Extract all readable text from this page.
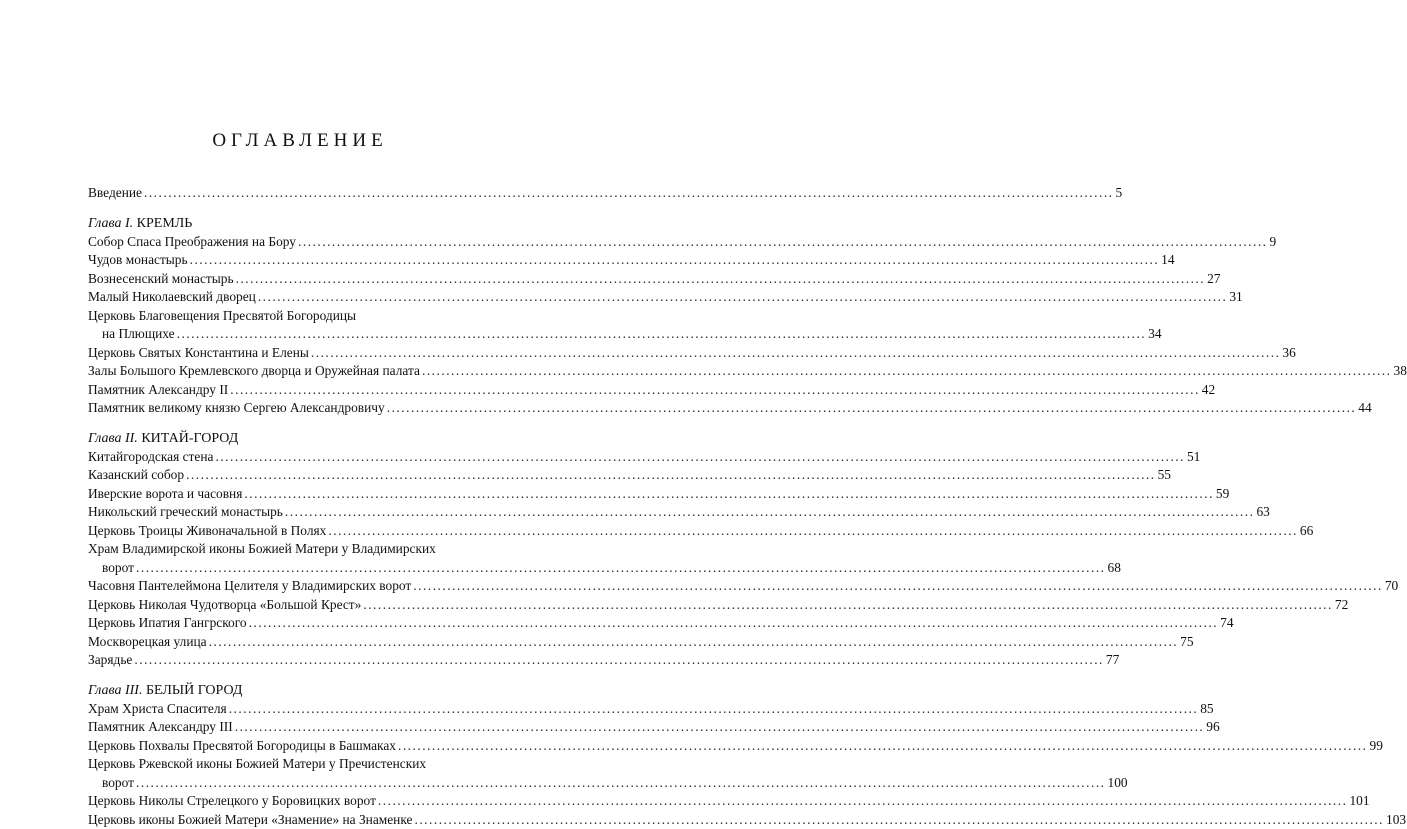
ОГЛАВЛЕНИЕ
Введение ........................................................................................................................................................................................................ 5
Глава I. КРЕМЛЬ
Собор Спаса Преображения на Бору ........................................................................................................................................................................................................ 9
Чудов монастырь ........................................................................................................................................................................................................ 14
Вознесенский монастырь ........................................................................................................................................................................................................ 27
Малый Николаевский дворец ........................................................................................................................................................................................................ 31
Церковь Благовещения Пресвятой Богородицы
на Плющихе ........................................................................................................................................................................................................ 34
Церковь Святых Константина и Елены ........................................................................................................................................................................................................ 36
Залы Большого Кремлевского дворца и Оружейная палата ........................................................................................................................................................................................................ 38
Памятник Александру II ........................................................................................................................................................................................................ 42
Памятник великому князю Сергею Александровичу ........................................................................................................................................................................................................ 44
Глава II. КИТАЙ-ГОРОД
Китайгородская стена ........................................................................................................................................................................................................ 51
Казанский собор ........................................................................................................................................................................................................ 55
Иверские ворота и часовня ........................................................................................................................................................................................................ 59
Никольский греческий монастырь ........................................................................................................................................................................................................ 63
Церковь Троицы Живоначальной в Полях ........................................................................................................................................................................................................ 66
Храм Владимирской иконы Божией Матери у Владимирских
ворот ........................................................................................................................................................................................................ 68
Часовня Пантелеймона Целителя у Владимирских ворот ........................................................................................................................................................................................................ 70
Церковь Николая Чудотворца «Большой Крест» ........................................................................................................................................................................................................ 72
Церковь Ипатия Гангрского ........................................................................................................................................................................................................ 74
Москворецкая улица ........................................................................................................................................................................................................ 75
Зарядье ........................................................................................................................................................................................................ 77
Глава III. БЕЛЫЙ ГОРОД
Храм Христа Спасителя ........................................................................................................................................................................................................ 85
Памятник Александру III ........................................................................................................................................................................................................ 96
Церковь Похвалы Пресвятой Богородицы в Башмаках ........................................................................................................................................................................................................ 99
Церковь Ржевской иконы Божией Матери у Пречистенских
ворот ........................................................................................................................................................................................................ 100
Церковь Николы Стрелецкого у Боровицких ворот ........................................................................................................................................................................................................ 101
Церковь иконы Божией Матери «Знамение» на Знаменке ........................................................................................................................................................................................................ 103
